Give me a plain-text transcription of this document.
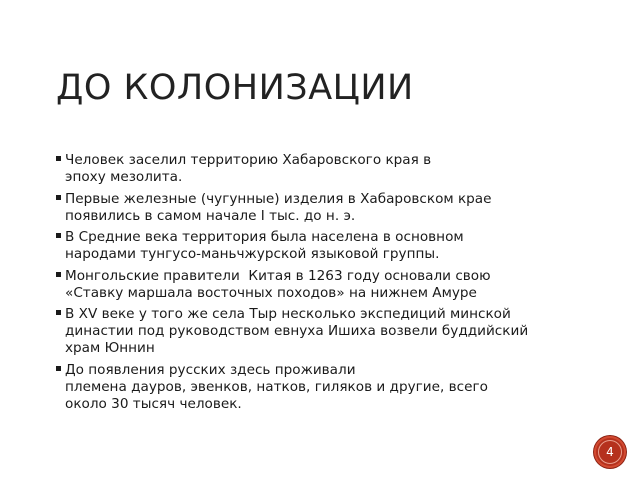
ДО КОЛОНИЗАЦИИ
Человек заселил территорию Хабаровского края в
эпоху мезолита.
Первые железные (чугунные) изделия в Хабаровском крае
появились в самом начале I тыс. до н. э.
В Средние века территория была населена в основном
народами тунгусо-маньчжурской языковой группы.
Монгольские правители  Китая в 1263 году основали свою
«Ставку маршала восточных походов» на нижнем Амуре
В XV веке у того же села Тыр несколько экспедиций минской
династии под руководством евнуха Ишиха возвели буддийский
храм Юннин
До появления русских здесь проживали
племена дауров, эвенков, натков, гиляков и другие, всего
около 30 тысяч человек.
4
